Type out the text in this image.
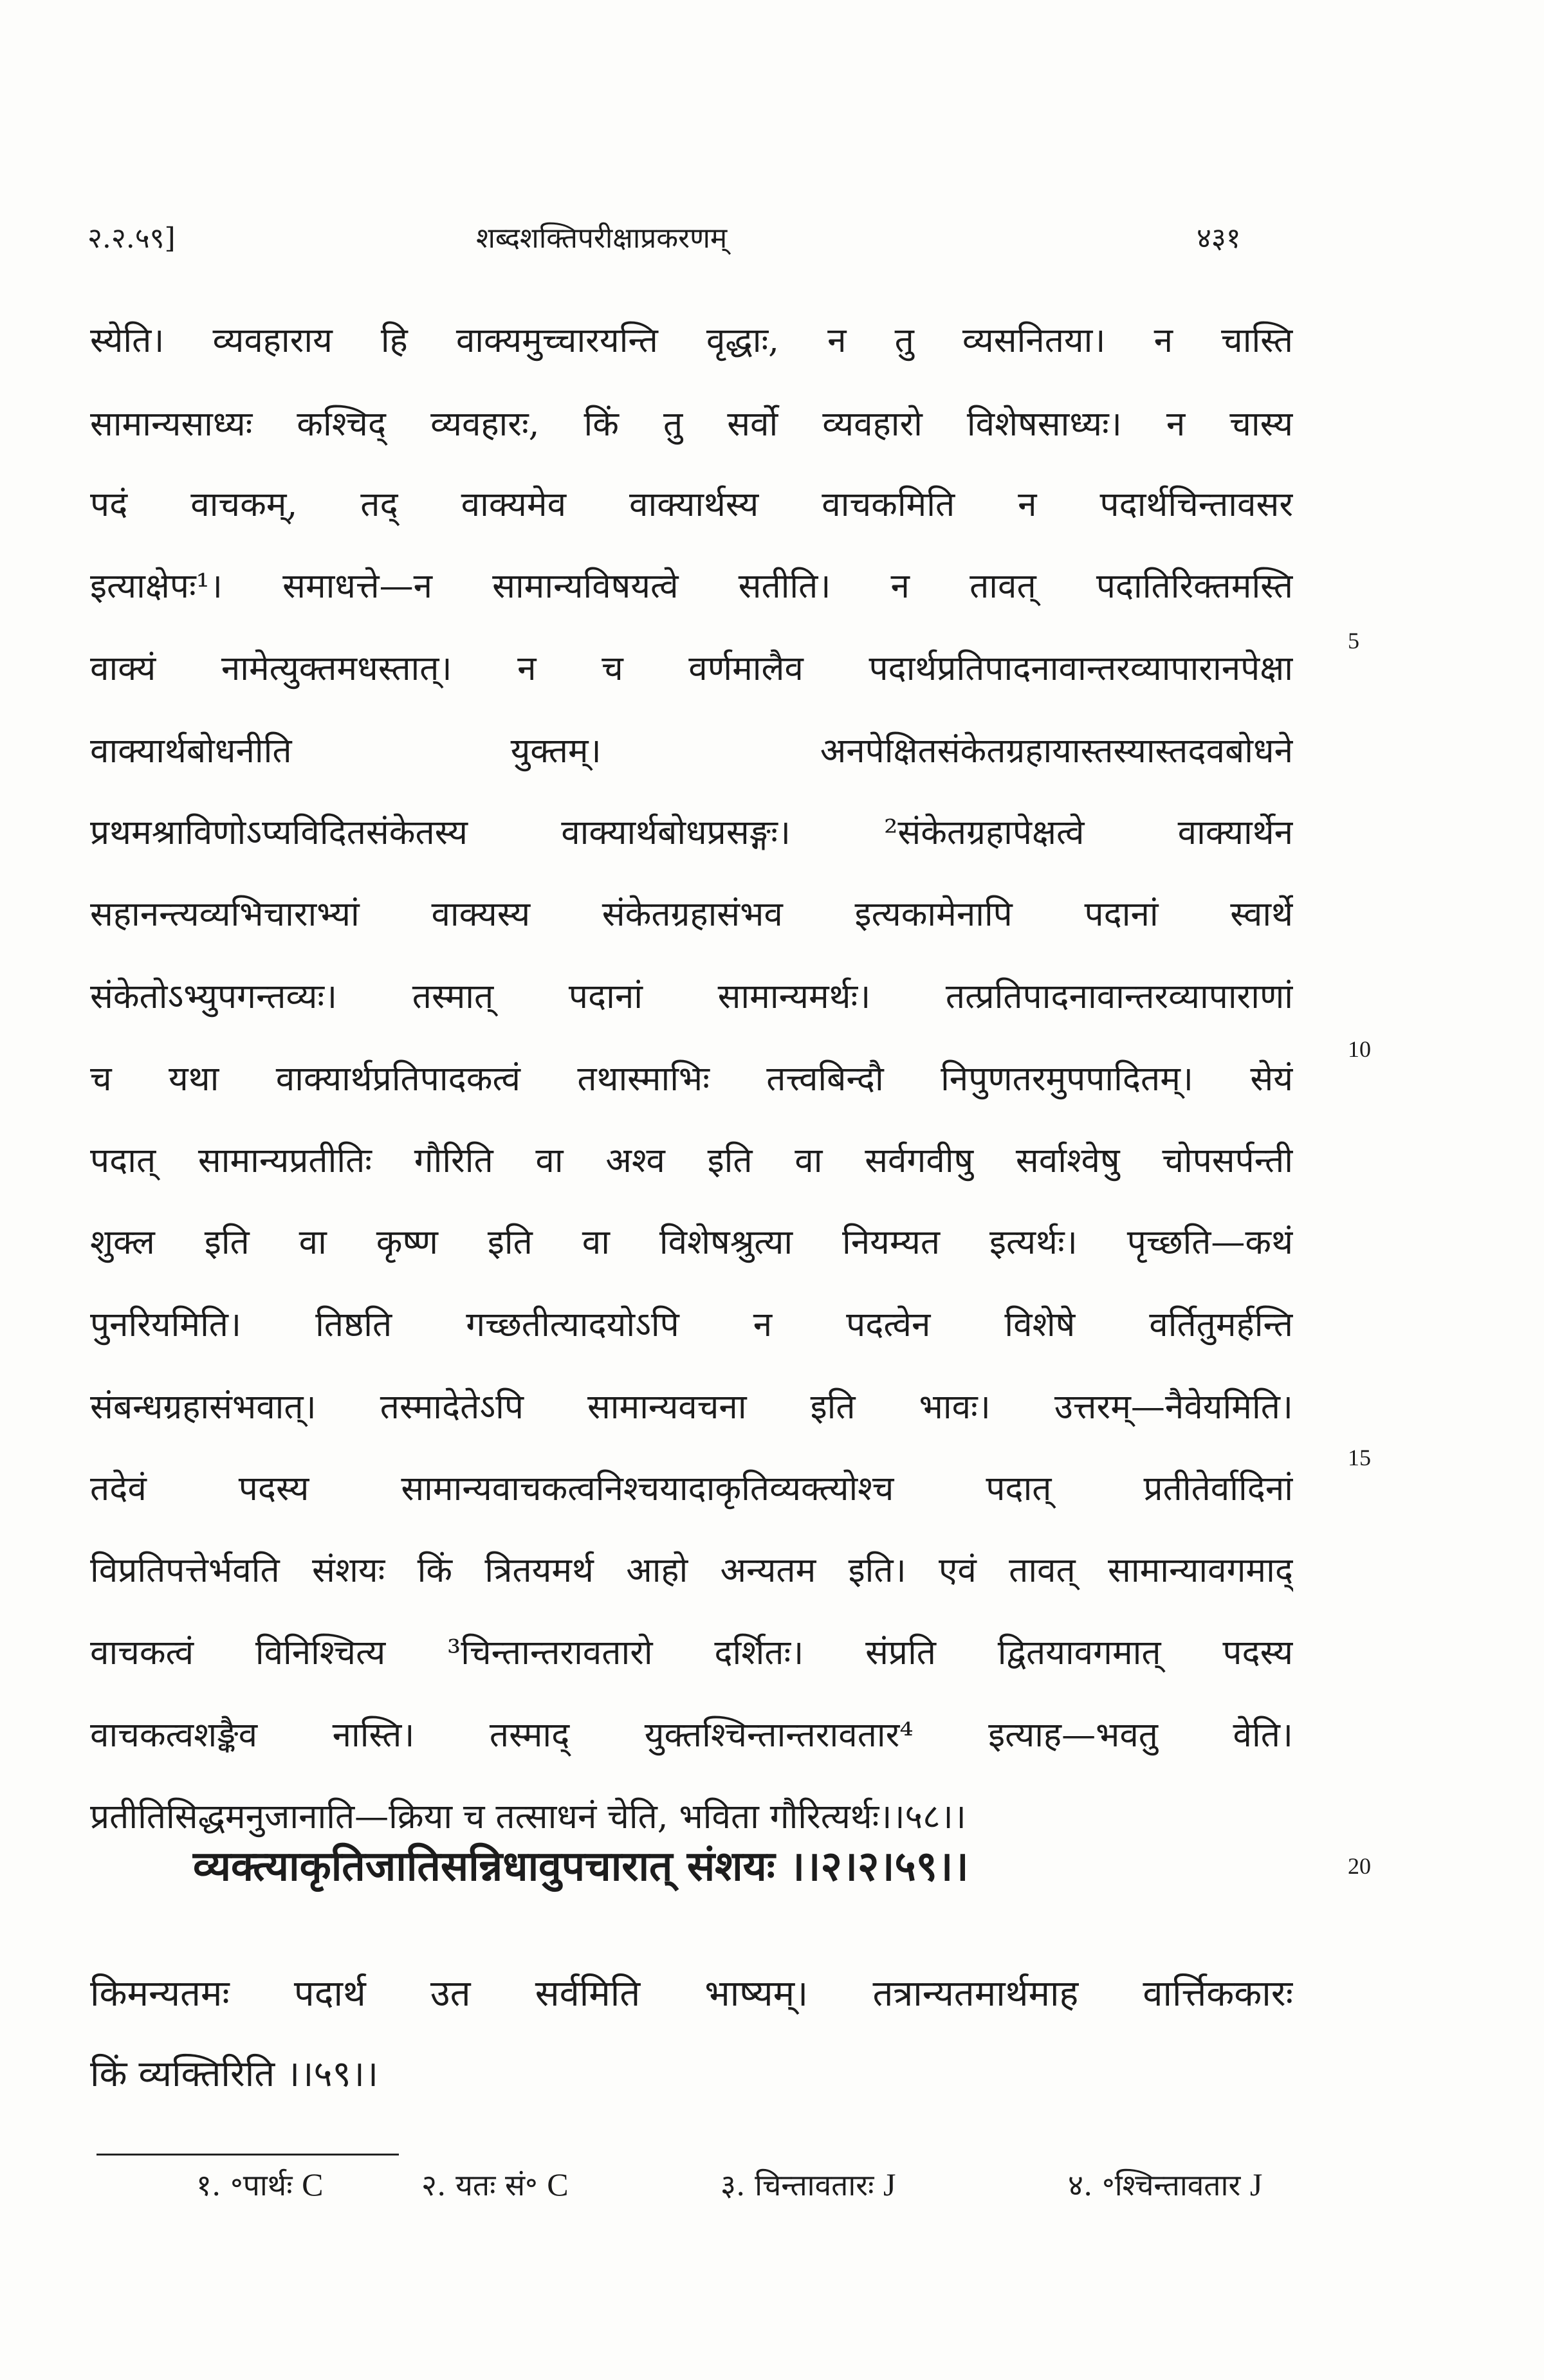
२.२.५९]	शब्दशक्तिपरीक्षाप्रकरणम्	४३१
स्येति। व्यवहाराय हि वाक्यमुच्चारयन्ति वृद्धाः, न तु व्यसनितया। न चास्ति
सामान्यसाध्यः कश्चिद् व्यवहारः, किं तु सर्वो व्यवहारो विशेषसाध्यः। न चास्य
पदं वाचकम्, तद् वाक्यमेव वाक्यार्थस्य वाचकमिति न पदार्थचिन्तावसर
इत्याक्षेपः¹। समाधत्ते—न सामान्यविषयत्वे सतीति। न तावत् पदातिरिक्तमस्ति
वाक्यं नामेत्युक्तमधस्तात्। न च वर्णमालैव पदार्थप्रतिपादनावान्तरव्यापारानपेक्षा
वाक्यार्थबोधनीति युक्तम्। अनपेक्षितसंकेतग्रहायास्तस्यास्तदवबोधने
प्रथमश्राविणोऽप्यविदितसंकेतस्य वाक्यार्थबोधप्रसङ्गः। ²संकेतग्रहापेक्षत्वे वाक्यार्थेन
सहानन्त्यव्यभिचाराभ्यां वाक्यस्य संकेतग्रहासंभव इत्यकामेनापि पदानां स्वार्थे
संकेतोऽभ्युपगन्तव्यः। तस्मात् पदानां सामान्यमर्थः। तत्प्रतिपादनावान्तरव्यापाराणां
च यथा वाक्यार्थप्रतिपादकत्वं तथास्माभिः तत्त्वबिन्दौ निपुणतरमुपपादितम्। सेयं
पदात् सामान्यप्रतीतिः गौरिति वा अश्व इति वा सर्वगवीषु सर्वाश्वेषु चोपसर्पन्ती
शुक्ल इति वा कृष्ण इति वा विशेषश्रुत्या नियम्यत इत्यर्थः। पृच्छति—कथं
पुनरियमिति। तिष्ठति गच्छतीत्यादयोऽपि न पदत्वेन विशेषे वर्तितुमर्हन्ति
संबन्धग्रहासंभवात्। तस्मादेतेऽपि सामान्यवचना इति भावः। उत्तरम्—नैवेयमिति।
तदेवं पदस्य सामान्यवाचकत्वनिश्चयादाकृतिव्यक्त्योश्च पदात् प्रतीतेर्वादिनां
विप्रतिपत्तेर्भवति संशयः किं त्रितयमर्थ आहो अन्यतम इति। एवं तावत् सामान्यावगमाद्
वाचकत्वं विनिश्चित्य ³चिन्तान्तरावतारो दर्शितः। संप्रति द्वितयावगमात् पदस्य
वाचकत्वशङ्कैव नास्ति। तस्माद् युक्तश्चिन्तान्तरावतार⁴ इत्याह—भवतु वेति।
प्रतीतिसिद्धमनुजानाति—क्रिया च तत्साधनं चेति, भविता गौरित्यर्थः।।५८।।
5
10
15
20
व्यक्त्याकृतिजातिसन्निधावुपचारात् संशयः ।।२।२।५९।।
किमन्यतमः पदार्थ उत सर्वमिति भाष्यम्। तत्रान्यतमार्थमाह वार्त्तिककारः
किं व्यक्तिरिति ।।५९।।
१. ॰पार्थः C	२. यतः सं॰ C	३. चिन्तावतारः J	४. ॰श्चिन्तावतार J
